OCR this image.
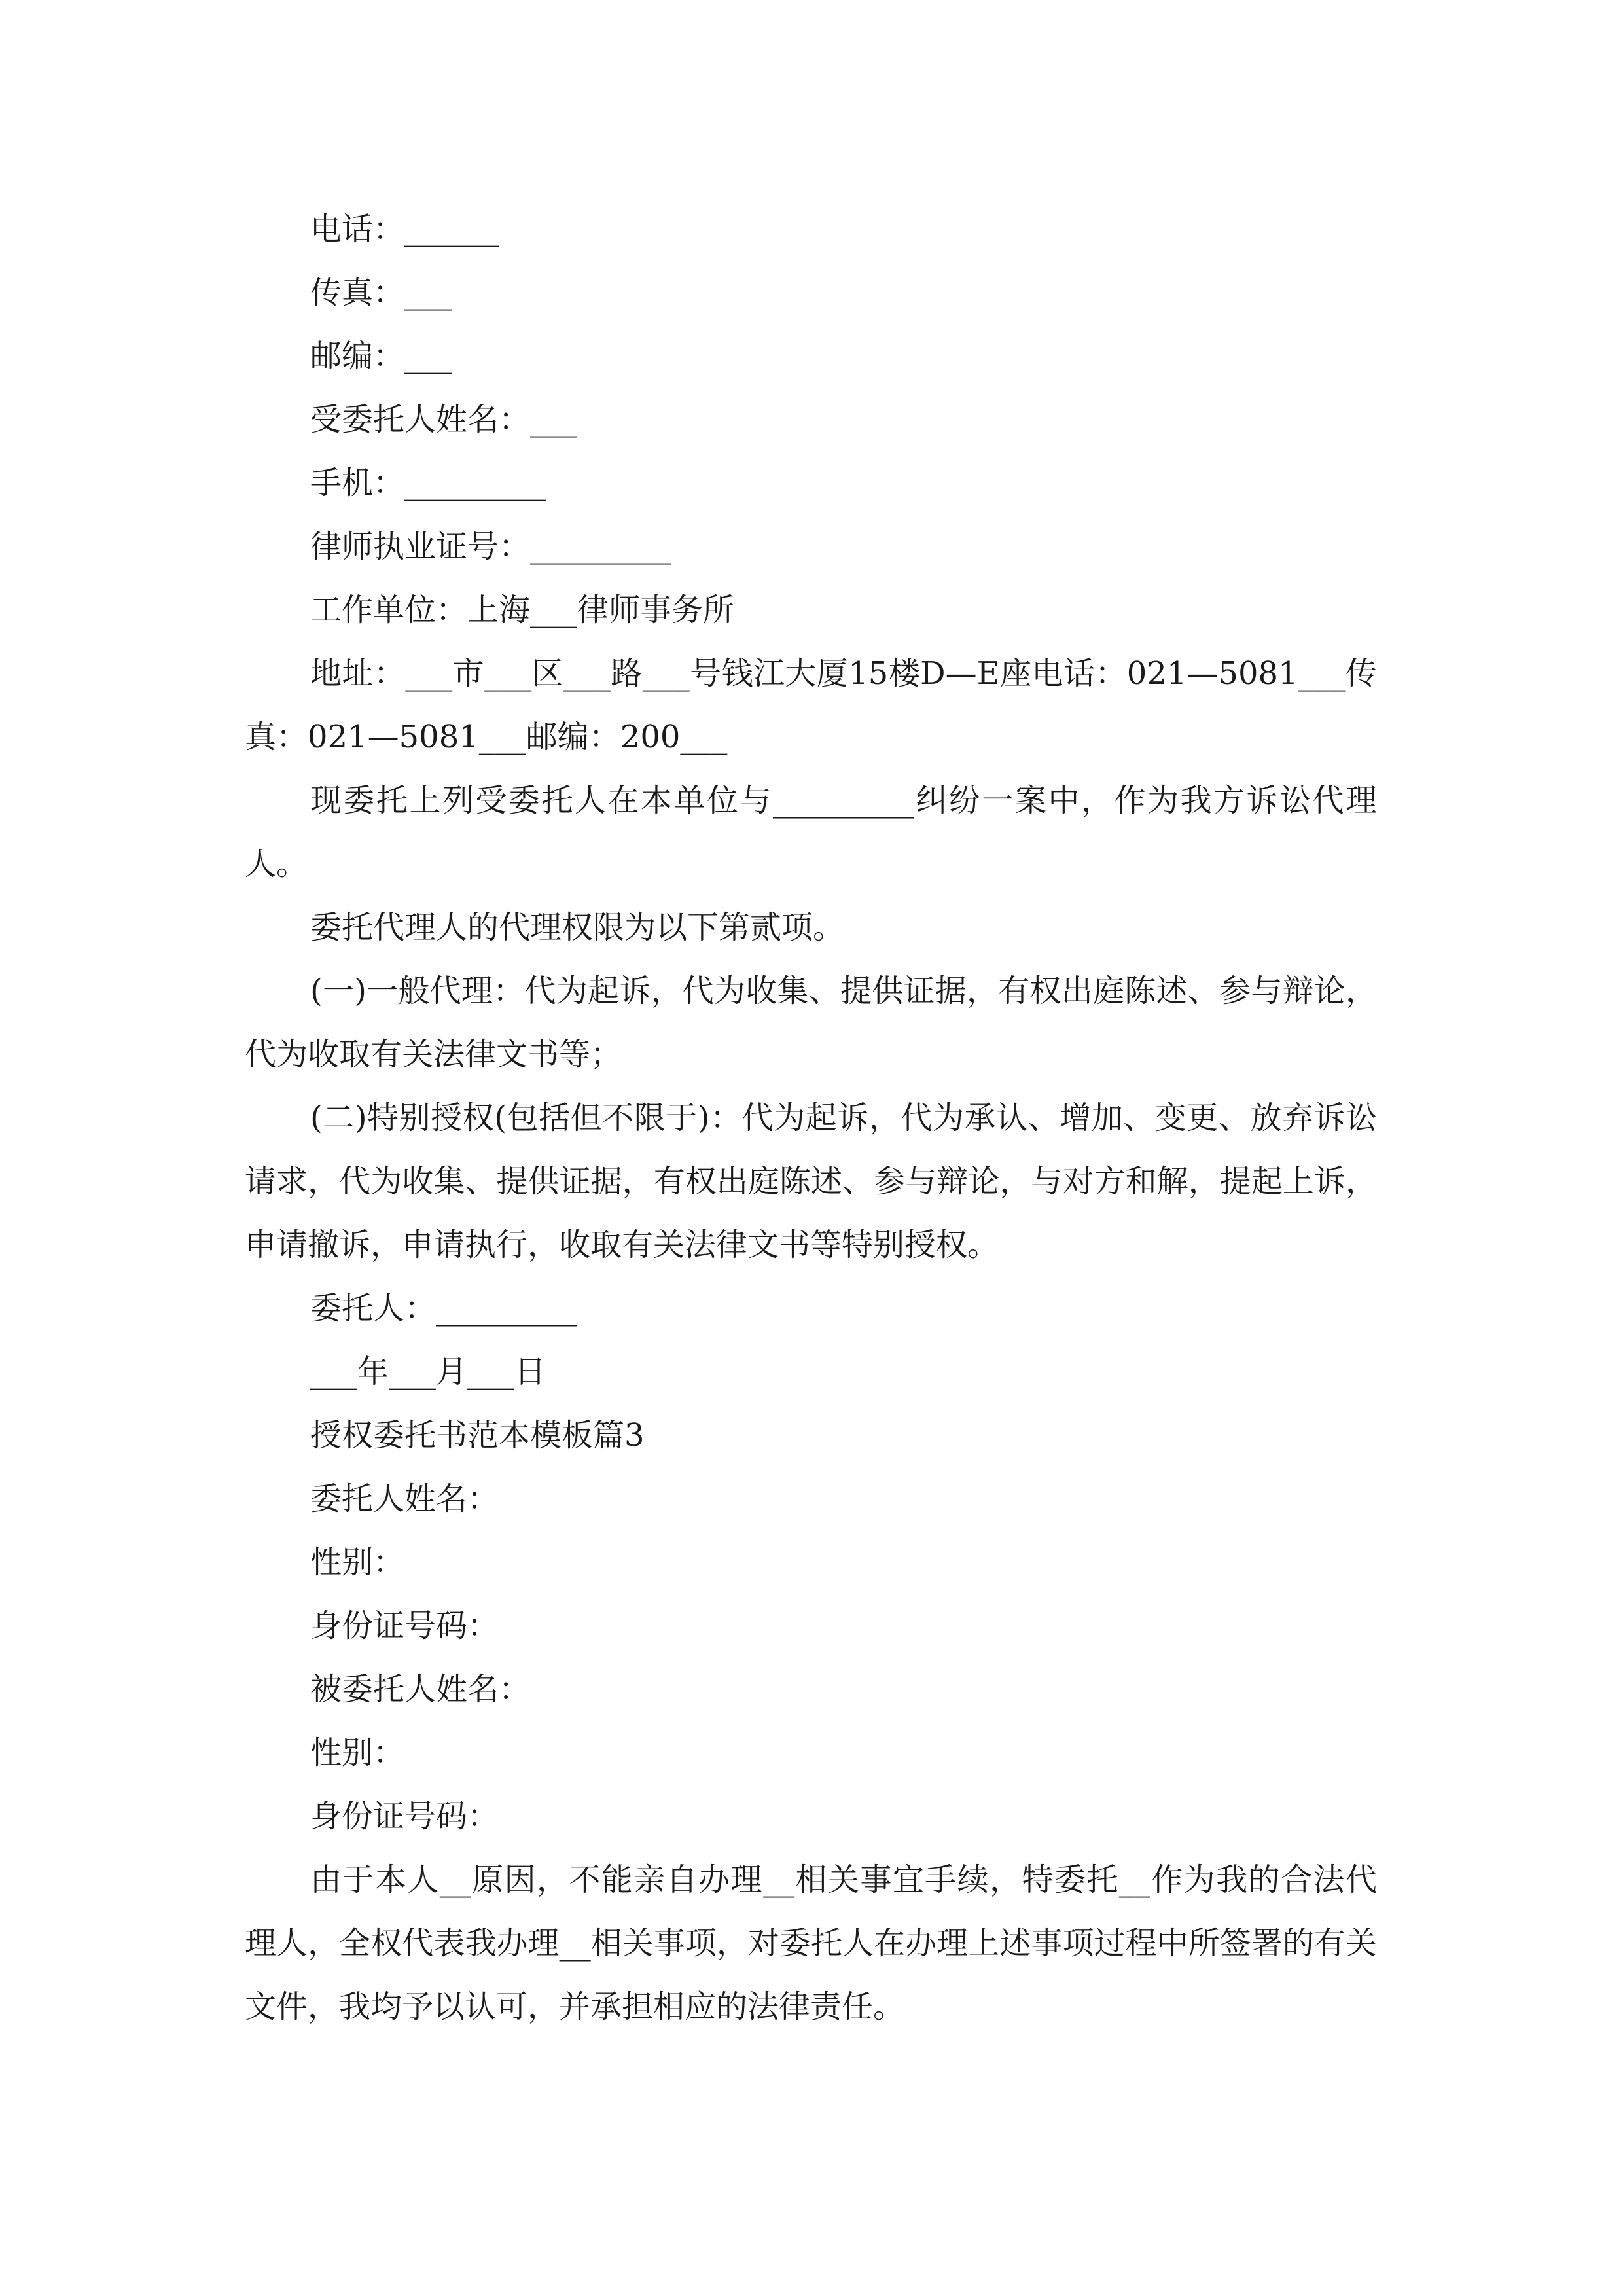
电话：______

传真：___

邮编：___

受委托人姓名：___

手机：_________

律师执业证号：_________

工作单位：上海___律师事务所

地址：___市___区___路___号钱江大厦15楼D—E座电话：021—5081___传真：021—5081___邮编：200___

现委托上列受委托人在本单位与_________纠纷一案中，作为我方诉讼代理人。

委托代理人的代理权限为以下第贰项。

(一)一般代理：代为起诉，代为收集、提供证据，有权出庭陈述、参与辩论，代为收取有关法律文书等；

(二)特别授权(包括但不限于)：代为起诉，代为承认、增加、变更、放弃诉讼请求，代为收集、提供证据，有权出庭陈述、参与辩论，与对方和解，提起上诉，申请撤诉，申请执行，收取有关法律文书等特别授权。

委托人：_________

___年___月___日

授权委托书范本模板篇3

委托人姓名：

性别：

身份证号码：

被委托人姓名：

性别：

身份证号码：

由于本人__原因，不能亲自办理__相关事宜手续，特委托__作为我的合法代理人，全权代表我办理__相关事项，对委托人在办理上述事项过程中所签署的有关文件，我均予以认可，并承担相应的法律责任。
